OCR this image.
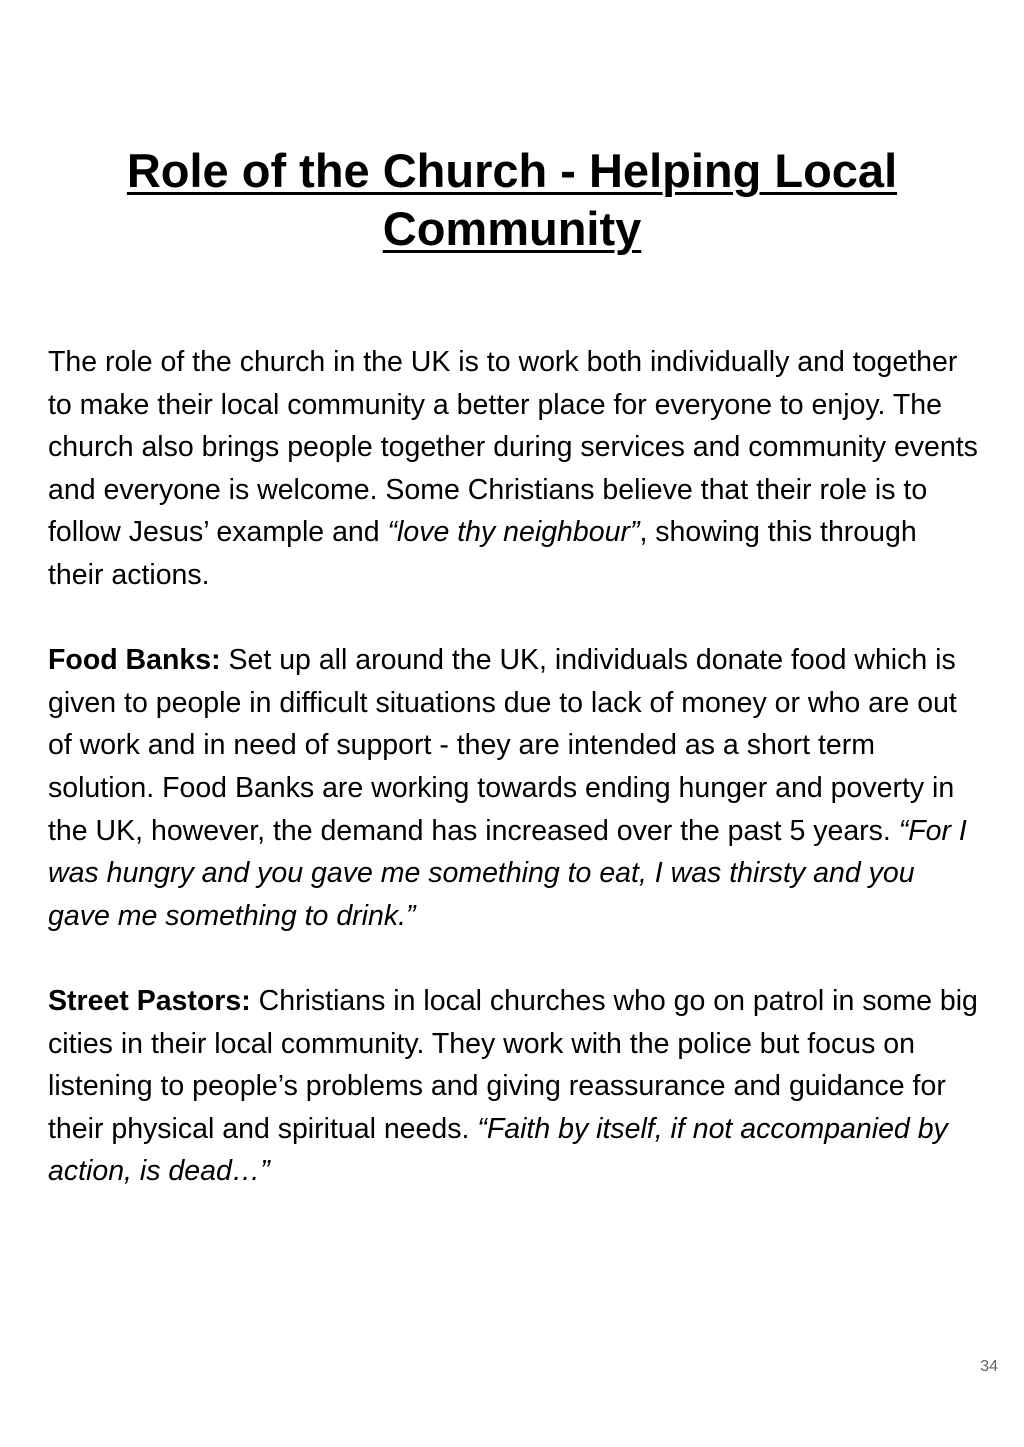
Role of the Church - Helping Local Community

The role of the church in the UK is to work both individually and together to make their local community a better place for everyone to enjoy. The church also brings people together during services and community events and everyone is welcome. Some Christians believe that their role is to follow Jesus’ example and “love thy neighbour”, showing this through their actions.

Food Banks: Set up all around the UK, individuals donate food which is given to people in difficult situations due to lack of money or who are out of work and in need of support - they are intended as a short term solution. Food Banks are working towards ending hunger and poverty in the UK, however, the demand has increased over the past 5 years. “For I was hungry and you gave me something to eat, I was thirsty and you gave me something to drink.”

Street Pastors: Christians in local churches who go on patrol in some big cities in their local community. They work with the police but focus on listening to people’s problems and giving reassurance and guidance for their physical and spiritual needs. “Faith by itself, if not accompanied by action, is dead…”

34
